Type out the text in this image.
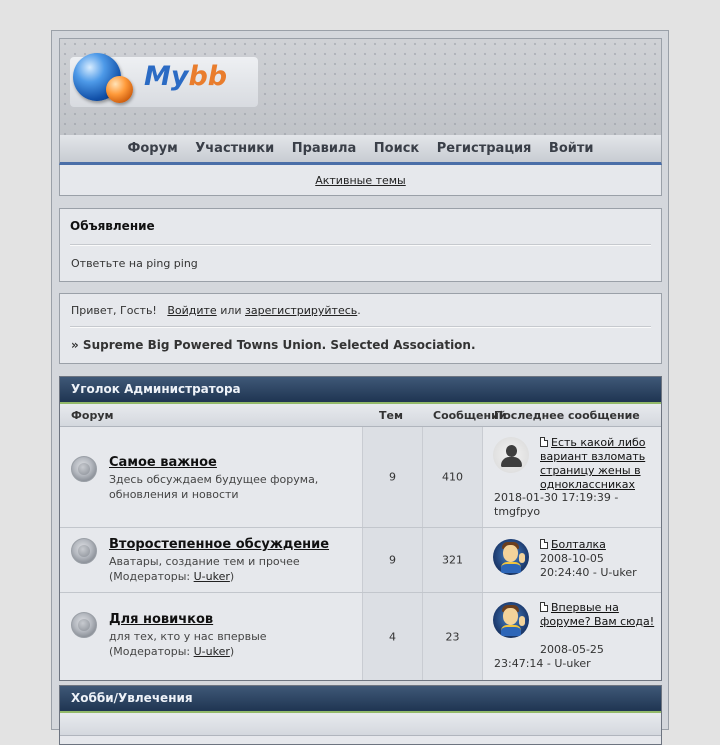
Mybb
Форум Участники Правила Поиск Регистрация Войти
Активные темы
Объявление
Ответьте на ping ping
Привет, Гость! Войдите или зарегистрируйтесь.
» Supreme Big Powered Towns Union. Selected Association.
Уголок Администратора
Форум	Тем	Сообщений
Последнее сообщение
Самое важное
Здесь обсуждаем будущее форума, обновления и новости
9	410
Есть какой либо вариант взломать страницу жены в одноклассниках
2018-01-30 17:19:39 - tmgfpyo
Второстепенное обсуждение
Аватары, создание тем и прочее
(Модераторы: U-uker)
9	321
Болталка
2008-10-05 20:24:40 - U-uker
Для новичков
для тех, кто у нас впервые
(Модераторы: U-uker)
4	23
Впервые на форуме? Вам сюда!
2008-05-25 23:47:14 - U-uker
Хобби/Увлечения
